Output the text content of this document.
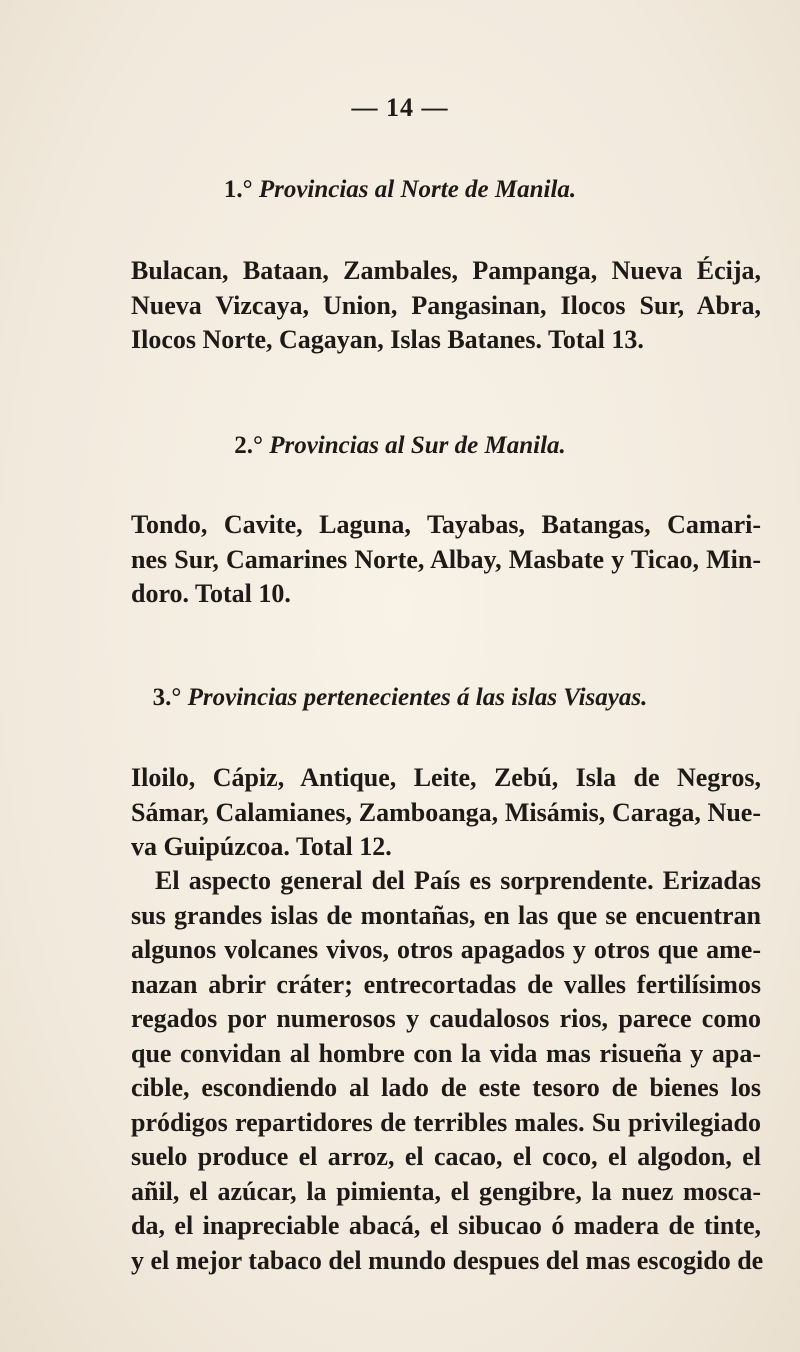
— 14 —
1.° Provincias al Norte de Manila.
Bulacan, Bataan, Zambales, Pampanga, Nueva Écija,
Nueva Vizcaya, Union, Pangasinan, Ilocos Sur, Abra,
Ilocos Norte, Cagayan, Islas Batanes. Total 13.
2.° Provincias al Sur de Manila.
Tondo, Cavite, Laguna, Tayabas, Batangas, Camari-
nes Sur, Camarines Norte, Albay, Masbate y Ticao, Min-
doro. Total 10.
3.° Provincias pertenecientes á las islas Visayas.
Iloilo, Cápiz, Antique, Leite, Zebú, Isla de Negros,
Sámar, Calamianes, Zamboanga, Misámis, Caraga, Nue-
va Guipúzcoa. Total 12.
El aspecto general del País es sorprendente. Erizadas
sus grandes islas de montañas, en las que se encuentran
algunos volcanes vivos, otros apagados y otros que ame-
nazan abrir cráter; entrecortadas de valles fertilísimos
regados por numerosos y caudalosos rios, parece como
que convidan al hombre con la vida mas risueña y apa-
cible, escondiendo al lado de este tesoro de bienes los
pródigos repartidores de terribles males. Su privilegiado
suelo produce el arroz, el cacao, el coco, el algodon, el
añil, el azúcar, la pimienta, el gengibre, la nuez mosca-
da, el inapreciable abacá, el sibucao ó madera de tinte,
y el mejor tabaco del mundo despues del mas escogido de
